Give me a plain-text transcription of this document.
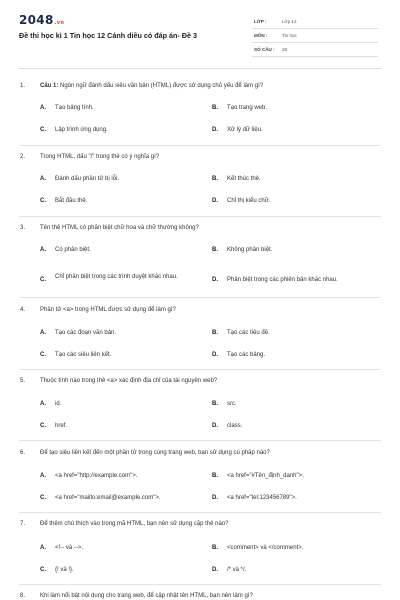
2048.vn
Đề thi học kì 1 Tin học 12 Cánh diều có đáp án- Đề 3
LỚP :	Lớp 12
MÔN :	Tin học
SỐ CÂU : 28
1. Câu 1: Ngôn ngữ đánh dấu siêu văn bản (HTML) được sử dụng chủ yếu để làm gì?
A. Tạo bảng tính.	B. Tạo trang web.
C. Lập trình ứng dụng.	D. Xử lý dữ liệu.
2. Trong HTML, dấu "/" trong thẻ có ý nghĩa gì?
A. Đánh dấu phần tử bị lỗi.	B. Kết thúc thẻ.
C. Bắt đầu thẻ.	D. Chỉ thị kiểu chữ.
3. Tên thẻ HTML có phân biệt chữ hoa và chữ thường không?
A. Có phân biệt.	B. Không phân biệt.
C. Chỉ phân biệt trong các trình duyệt khác nhau.	D. Phân biệt trong các phiên bản khác nhau.
4. Phần tử <a> trong HTML được sử dụng để làm gì?
A. Tạo các đoạn văn bản.	B. Tạo các tiêu đề.
C. Tạo các siêu liên kết.	D. Tạo các bảng.
5. Thuộc tính nào trong thẻ <a> xác định địa chỉ của tài nguyên web?
A. id.	B. src.
C. href.	D. class.
6. Để tạo siêu liên kết đến một phần tử trong cùng trang web, bạn sử dụng cú pháp nào?
A. <a href="http://example.com">.	B. <a href="#Tên_định_danh">.
C. <a href="mailto:email@example.com">.	D. <a href="tel:123456789">.
7. Để thêm chú thích vào trong mã HTML, bạn nên sử dụng cặp thẻ nào?
A. <!-- và -->.	B. <comment> và </comment>.
C. {! và !}.	D. /* và */.
8. Khi làm nổi bật nội dung cho trang web, để cập nhật tên HTML, bạn nên làm gì?
